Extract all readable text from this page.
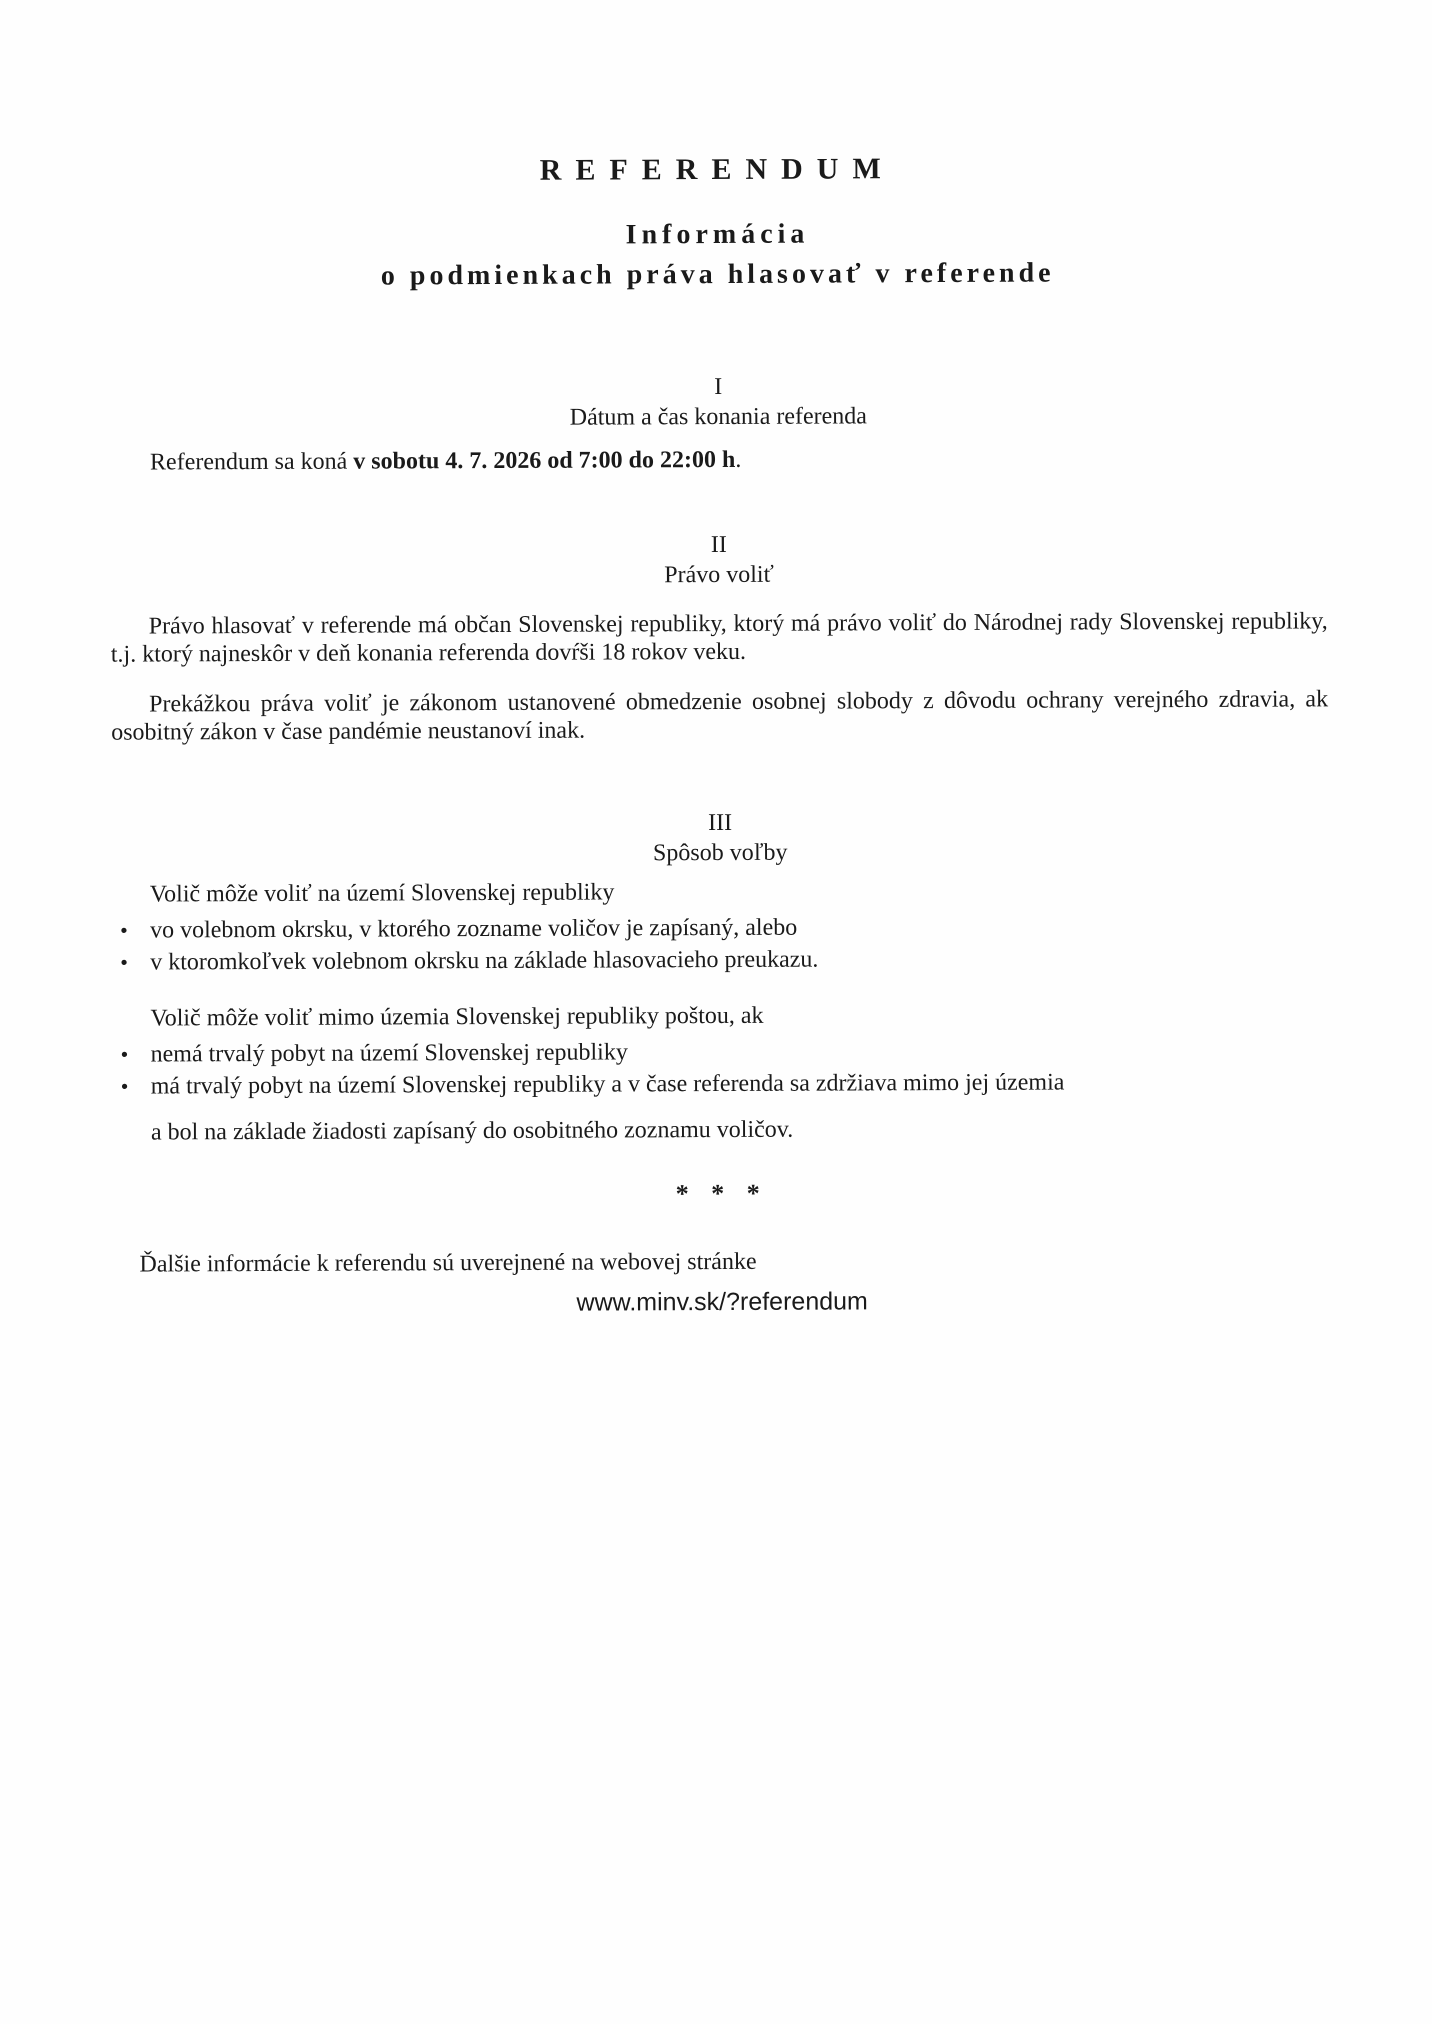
REFERENDUM
Informácia
o podmienkach práva hlasovať v referende
I
Dátum a čas konania referenda

Referendum sa koná v sobotu 4. 7. 2026 od 7:00 do 22:00 h.

II
Právo voliť

Právo hlasovať v referende má občan Slovenskej republiky, ktorý má právo voliť do Národnej rady Slovenskej republiky, t.j. ktorý najneskôr v deň konania referenda dovŕši 18 rokov veku.

Prekážkou práva voliť je zákonom ustanovené obmedzenie osobnej slobody z dôvodu ochrany verejného zdravia, ak osobitný zákon v čase pandémie neustanoví inak.

III
Spôsob voľby

Volič môže voliť na území Slovenskej republiky

• vo volebnom okrsku, v ktorého zozname voličov je zapísaný, alebo
• v ktoromkoľvek volebnom okrsku na základe hlasovacieho preukazu.

Volič môže voliť mimo územia Slovenskej republiky poštou, ak

• nemá trvalý pobyt na území Slovenskej republiky
• má trvalý pobyt na území Slovenskej republiky a v čase referenda sa zdržiava mimo jej územia

a bol na základe žiadosti zapísaný do osobitného zoznamu voličov.

* * *

Ďalšie informácie k referendu sú uverejnené na webovej stránke

www.minv.sk/?referendum
